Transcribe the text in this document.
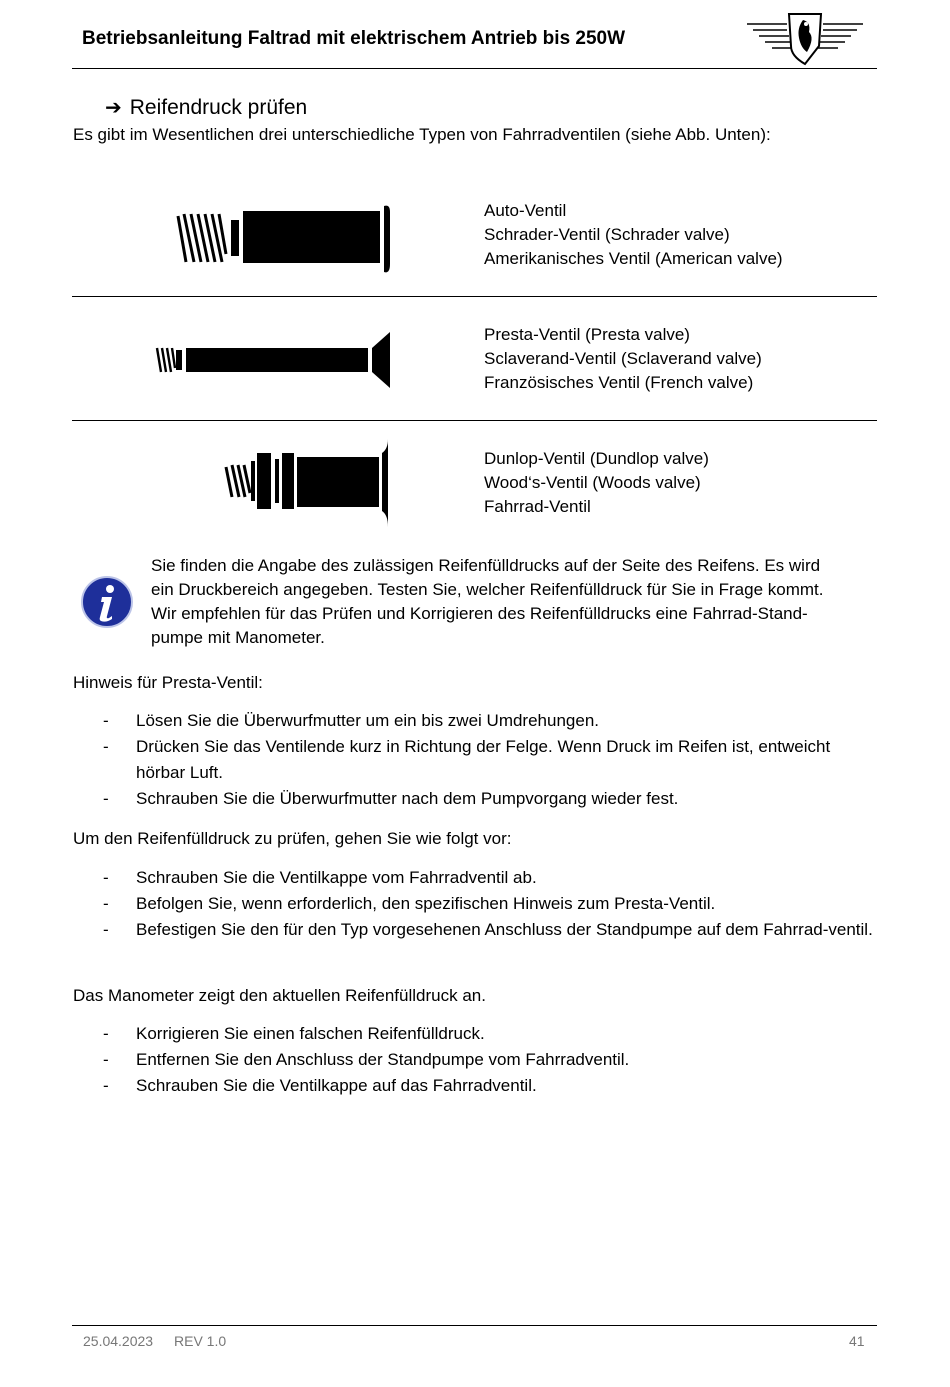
Betriebsanleitung Faltrad mit elektrischem Antrieb bis 250W
➔ Reifendruck prüfen
Es gibt im Wesentlichen drei unterschiedliche Typen von Fahrradventilen (siehe Abb. Unten):
Auto-Ventil
Schrader-Ventil (Schrader valve)
Amerikanisches Ventil (American valve)
Presta-Ventil (Presta valve)
Sclaverand-Ventil (Sclaverand valve)
Französisches Ventil (French valve)
Dunlop-Ventil (Dundlop valve)
Wood‘s-Ventil (Woods valve)
Fahrrad-Ventil
Sie finden die Angabe des zulässigen Reifenfülldrucks auf der Seite des Reifens. Es wird
ein Druckbereich angegeben. Testen Sie, welcher Reifenfülldruck für Sie in Frage kommt.
Wir empfehlen für das Prüfen und Korrigieren des Reifenfülldrucks eine Fahrrad-Stand-
pumpe mit Manometer.
Hinweis für Presta-Ventil:
- Lösen Sie die Überwurfmutter um ein bis zwei Umdrehungen.
- Drücken Sie das Ventilende kurz in Richtung der Felge. Wenn Druck im Reifen ist, entweicht hörbar Luft.
- Schrauben Sie die Überwurfmutter nach dem Pumpvorgang wieder fest.
Um den Reifenfülldruck zu prüfen, gehen Sie wie folgt vor:
- Schrauben Sie die Ventilkappe vom Fahrradventil ab.
- Befolgen Sie, wenn erforderlich, den spezifischen Hinweis zum Presta-Ventil.
- Befestigen Sie den für den Typ vorgesehenen Anschluss der Standpumpe auf dem Fahrrad-ventil.
Das Manometer zeigt den aktuellen Reifenfülldruck an.
- Korrigieren Sie einen falschen Reifenfülldruck.
- Entfernen Sie den Anschluss der Standpumpe vom Fahrradventil.
- Schrauben Sie die Ventilkappe auf das Fahrradventil.
25.04.2023 REV 1.0	41
